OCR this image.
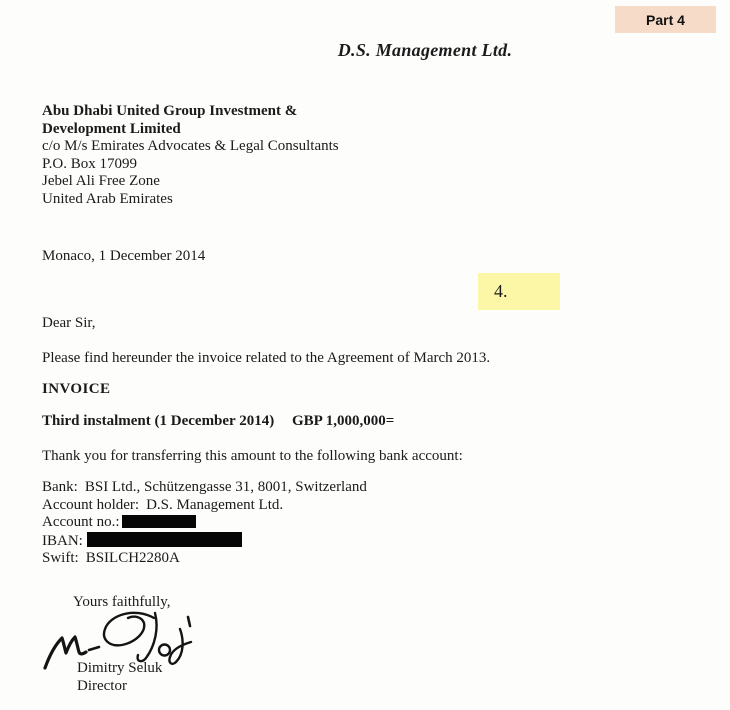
Part 4
D.S. Management Ltd.
Abu Dhabi United Group Investment &
Development Limited
c/o M/s Emirates Advocates & Legal Consultants
P.O. Box 17099
Jebel Ali Free Zone
United Arab Emirates
Monaco, 1 December 2014
4.
Dear Sir,
Please find hereunder the invoice related to the Agreement of March 2013.
INVOICE
Third instalment (1 December 2014) GBP 1,000,000=
Thank you for transferring this amount to the following bank account:
Bank: BSI Ltd., Schützengasse 31, 8001, Switzerland
Account holder: D.S. Management Ltd.
Account no.:
IBAN:
Swift: BSILCH2280A
Yours faithfully,
Dimitry Seluk
Director
